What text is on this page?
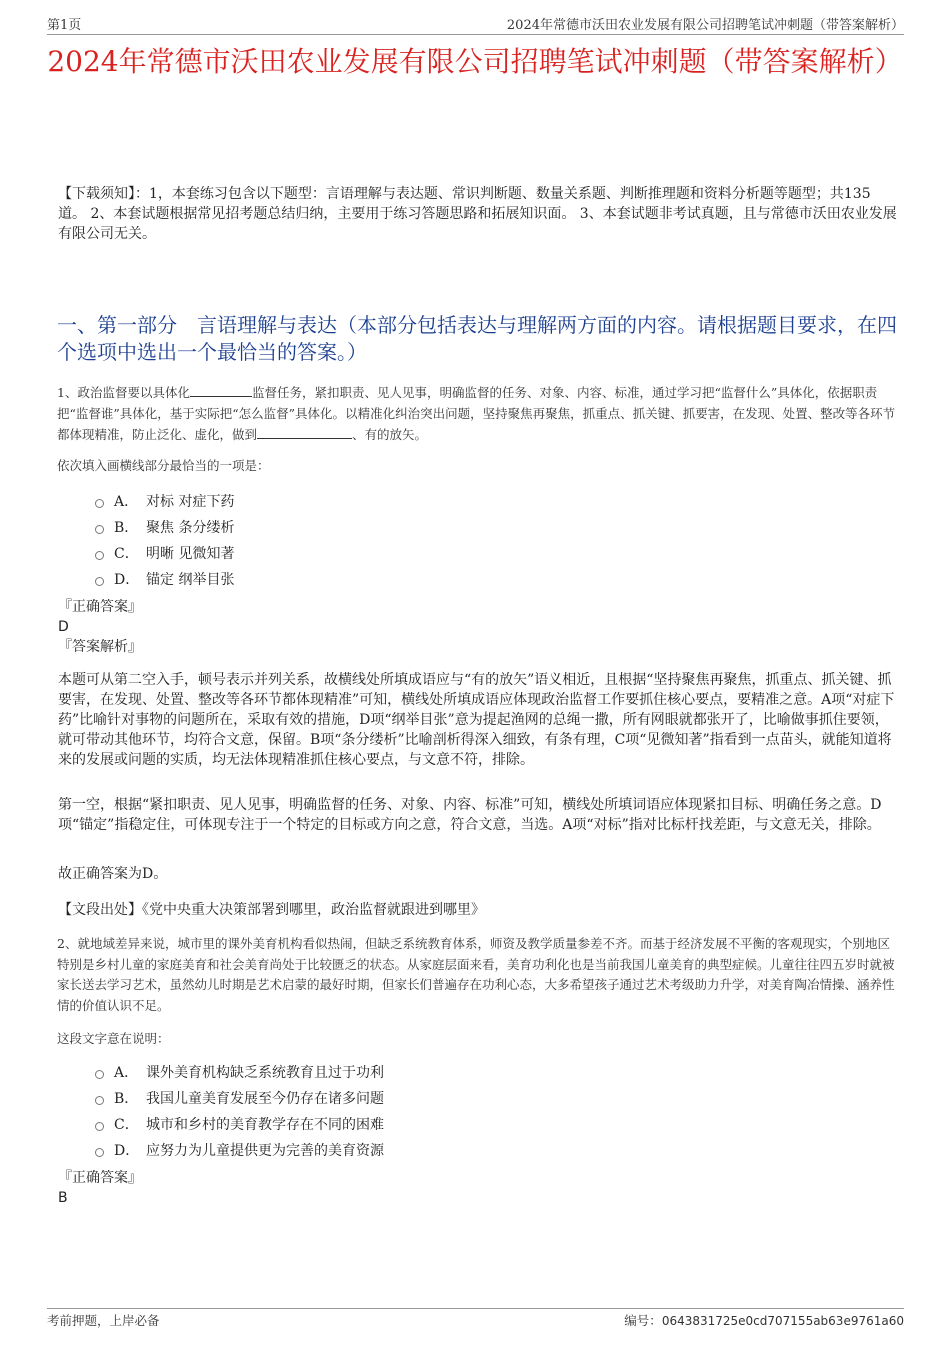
第1页	2024年常德市沃田农业发展有限公司招聘笔试冲刺题（带答案解析）
2024年常德市沃田农业发展有限公司招聘笔试冲刺题（带答案解析）
【下载须知】：1，本套练习包含以下题型：言语理解与表达题、常识判断题、数量关系题、判断推理题和资料分析题等题型；共135道。 2、本套试题根据常见招考题总结归纳，主要用于练习答题思路和拓展知识面。 3、本套试题非考试真题，且与常德市沃田农业发展有限公司无关。
一、第一部分　言语理解与表达（本部分包括表达与理解两方面的内容。请根据题目要求，在四个选项中选出一个最恰当的答案。）
1、政治监督要以具体化	监督任务，紧扣职责、见人见事，明确监督的任务、对象、内容、标准，通过学习把“监督什么”具体化，依据职责把“监督谁”具体化，基于实际把“怎么监督”具体化。以精准化纠治突出问题，坚持聚焦再聚焦，抓重点、抓关键、抓要害，在发现、处置、整改等各环节都体现精准，防止泛化、虚化，做到	、有的放矢。
依次填入画横线部分最恰当的一项是：
A． 对标 对症下药
B． 聚焦 条分缕析
C． 明晰 见微知著
D． 锚定 纲举目张
『正确答案』
D
『答案解析』
本题可从第二空入手，顿号表示并列关系，故横线处所填成语应与“有的放矢”语义相近，且根据“坚持聚焦再聚焦，抓重点、抓关键、抓要害，在发现、处置、整改等各环节都体现精准”可知，横线处所填成语应体现政治监督工作要抓住核心要点，要精准之意。A项“对症下药”比喻针对事物的问题所在，采取有效的措施，D项“纲举目张”意为提起渔网的总绳一撒，所有网眼就都张开了，比喻做事抓住要领，就可带动其他环节，均符合文意，保留。B项“条分缕析”比喻剖析得深入细致，有条有理，C项“见微知著”指看到一点苗头，就能知道将来的发展或问题的实质，均无法体现精准抓住核心要点，与文意不符，排除。
第一空，根据“紧扣职责、见人见事，明确监督的任务、对象、内容、标准”可知，横线处所填词语应体现紧扣目标、明确任务之意。D项“锚定”指稳定住，可体现专注于一个特定的目标或方向之意，符合文意，当选。A项“对标”指对比标杆找差距，与文意无关，排除。
故正确答案为D。
【文段出处】《党中央重大决策部署到哪里，政治监督就跟进到哪里》
2、就地域差异来说，城市里的课外美育机构看似热闹，但缺乏系统教育体系，师资及教学质量参差不齐。而基于经济发展不平衡的客观现实，个别地区特别是乡村儿童的家庭美育和社会美育尚处于比较匮乏的状态。从家庭层面来看，美育功利化也是当前我国儿童美育的典型症候。儿童往往四五岁时就被家长送去学习艺术，虽然幼儿时期是艺术启蒙的最好时期，但家长们普遍存在功利心态，大多希望孩子通过艺术考级助力升学，对美育陶冶情操、涵养性情的价值认识不足。
这段文字意在说明：
A． 课外美育机构缺乏系统教育且过于功利
B． 我国儿童美育发展至今仍存在诸多问题
C． 城市和乡村的美育教学存在不同的困难
D． 应努力为儿童提供更为完善的美育资源
『正确答案』
B
考前押题，上岸必备	编号：0643831725e0cd707155ab63e9761a60
